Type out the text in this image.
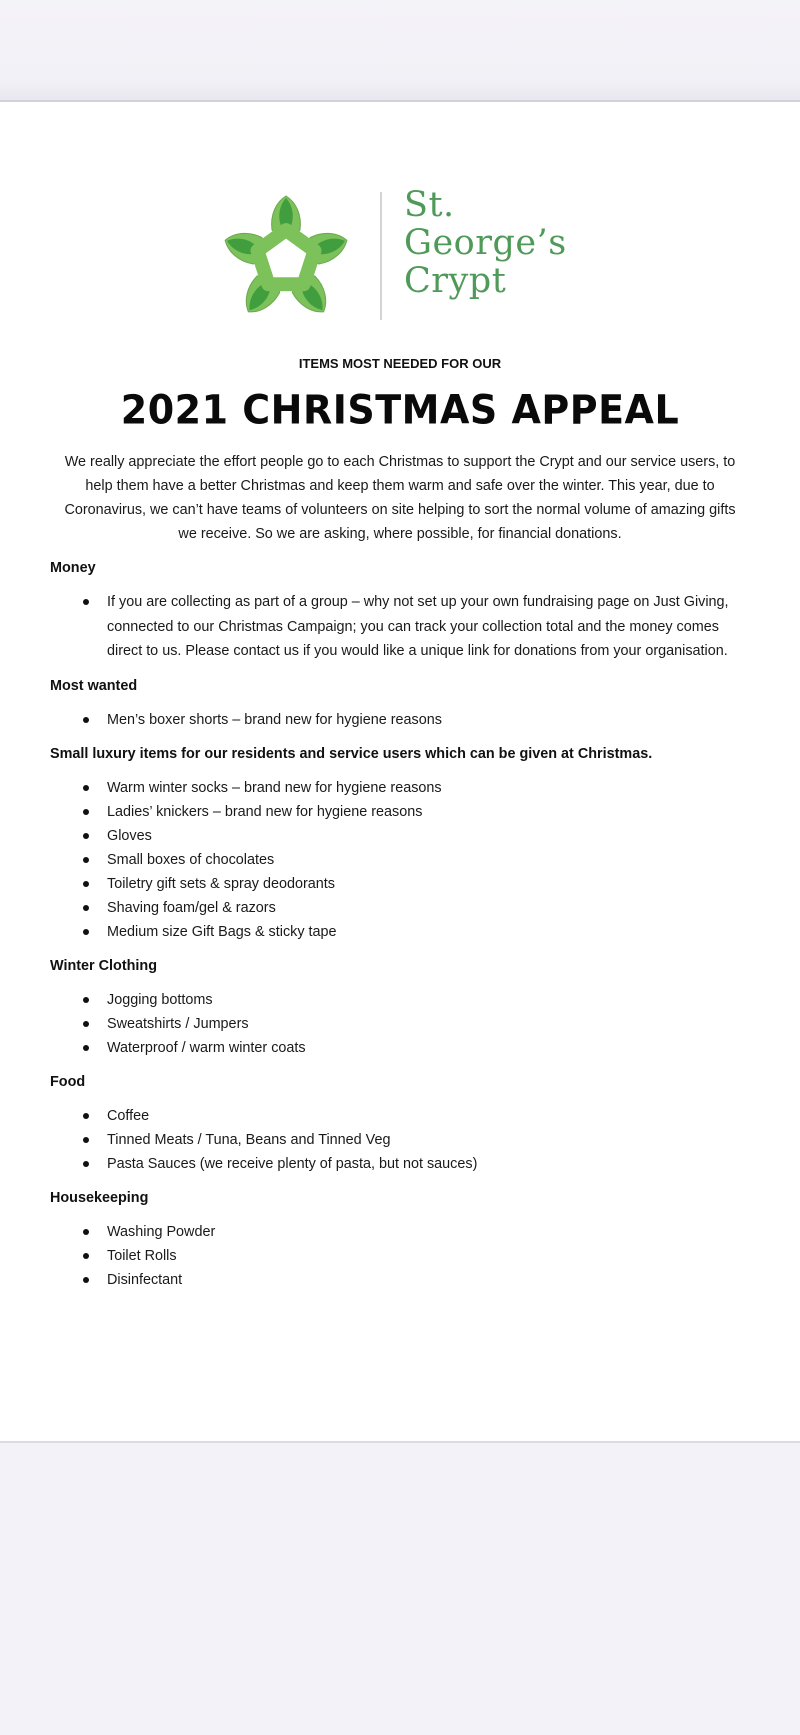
St.
George’s
Crypt
ITEMS MOST NEEDED FOR OUR
2021 CHRISTMAS APPEAL

We really appreciate the effort people go to each Christmas to support the Crypt and our service users, to help them have a better Christmas and keep them warm and safe over the winter. This year, due to Coronavirus, we can’t have teams of volunteers on site helping to sort the normal volume of amazing gifts we receive. So we are asking, where possible, for financial donations.

Money
If you are collecting as part of a group – why not set up your own fundraising page on Just Giving, connected to our Christmas Campaign; you can track your collection total and the money comes direct to us. Please contact us if you would like a unique link for donations from your organisation.
Most wanted
Men’s boxer shorts – brand new for hygiene reasons
Small luxury items for our residents and service users which can be given at Christmas.
Warm winter socks – brand new for hygiene reasons
Ladies’ knickers – brand new for hygiene reasons
Gloves
Small boxes of chocolates
Toiletry gift sets & spray deodorants
Shaving foam/gel & razors
Medium size Gift Bags & sticky tape
Winter Clothing
Jogging bottoms
Sweatshirts / Jumpers
Waterproof / warm winter coats
Food
Coffee
Tinned Meats / Tuna, Beans and Tinned Veg
Pasta Sauces (we receive plenty of pasta, but not sauces)
Housekeeping
Washing Powder
Toilet Rolls
Disinfectant
